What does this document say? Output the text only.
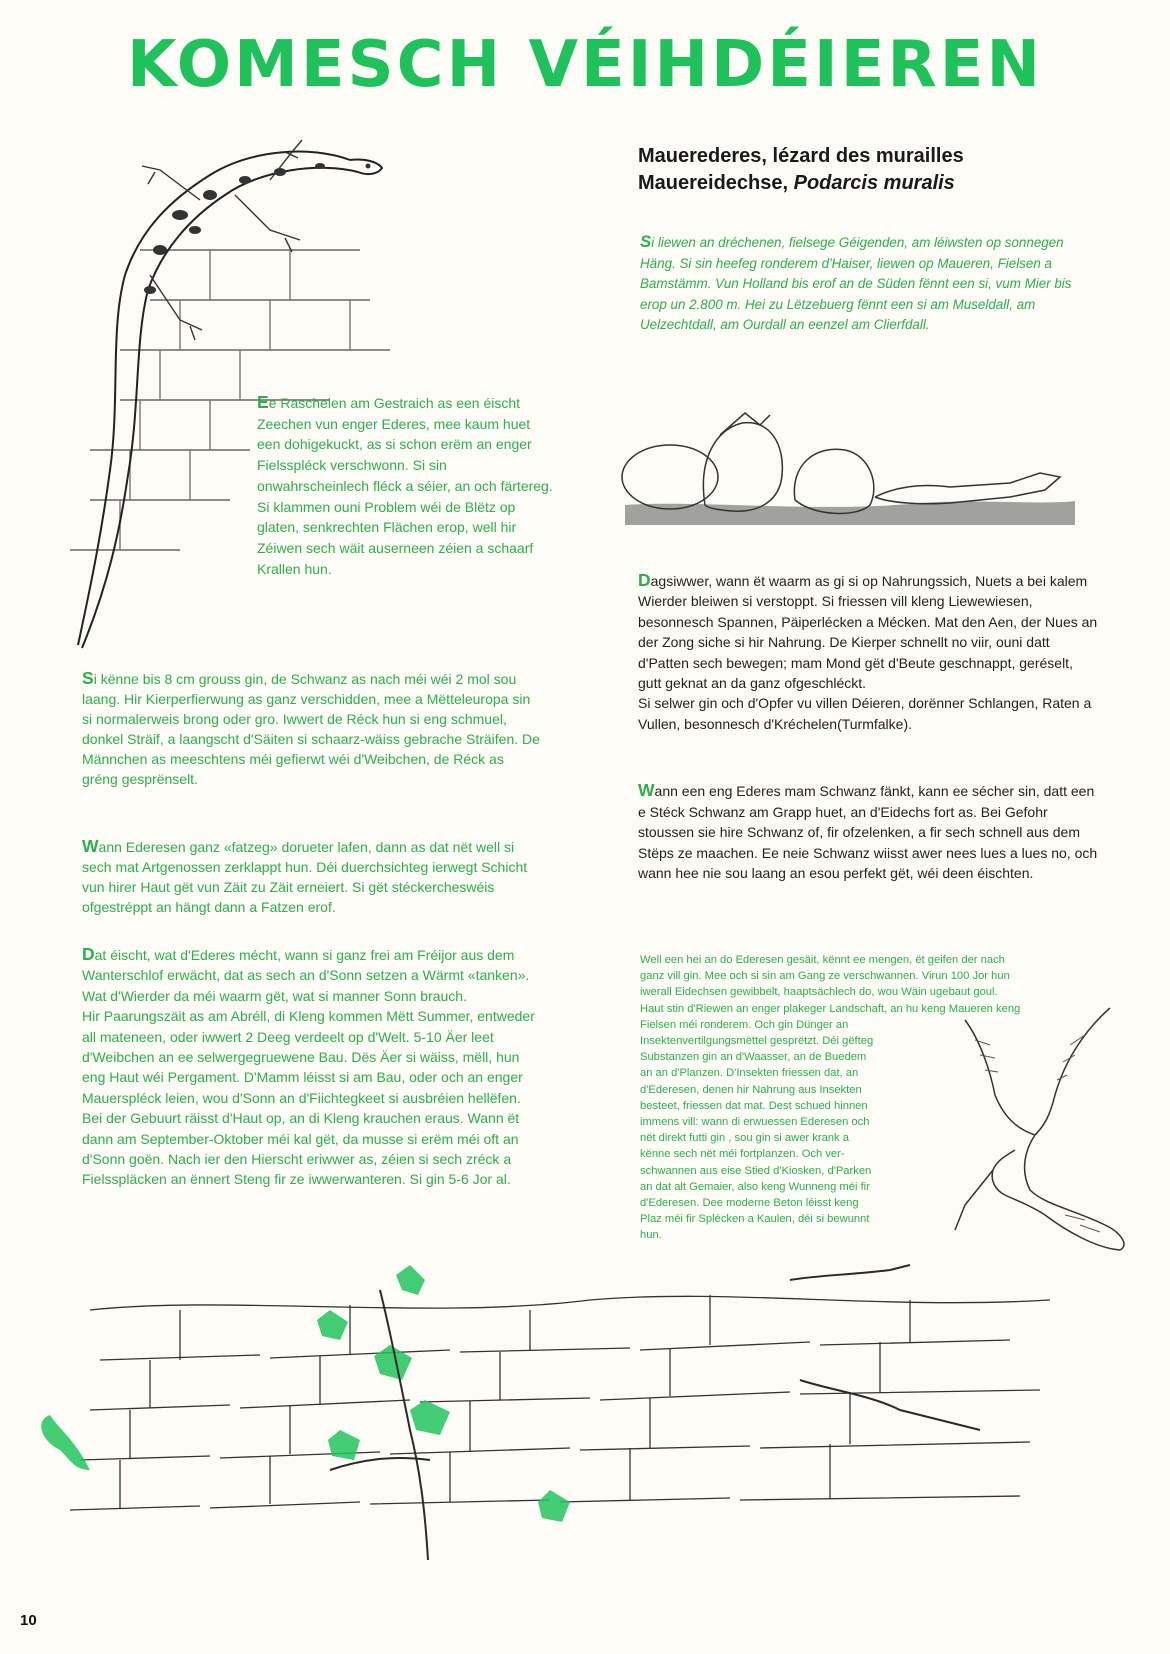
KOMESCH VÉIHDÉIEREN
Mauerederes, lézard des murailles
Mauereidechse, Podarcis muralis

Ee Raschelen am Gestraich as een éischt Zeechen vun enger Ederes, mee kaum huet een dohigekuckt, as si schon erëm an enger Fielsspléck verschwonn. Si sin onwahrscheinlech fléck a séier, an och färtereg. Si klammen ouni Problem wéi de Blëtz op glaten, senkrechten Flächen erop, well hir Zéiwen sech wäit auserneen zéien a schaarf Krallen hun.

Si liewen an dréchenen, fielsege Géigenden, am léiwsten op sonnegen Häng. Si sin heefeg ronderem d'Haiser, liewen op Maueren, Fielsen a Bamstämm. Vun Holland bis erof an de Süden fënnt een si, vum Mier bis erop un 2.800 m. Hei zu Lëtzebuerg fënnt een si am Museldall, am Uelzechtdall, am Ourdall an eenzel am Clierfdall.

Dagsiwwer, wann ët waarm as gi si op Nahrungssich, Nuets a bei kalem Wierder bleiwen si verstoppt. Si friessen vill kleng Liewewiesen, besonnesch Spannen, Päiperlécken a Mécken. Mat den Aen, der Nues an der Zong siche si hir Nahrung. De Kierper schnellt no viir, ouni datt d'Patten sech bewegen; mam Mond gët d'Beute geschnappt, geréselt, gutt geknat an da ganz ofgeschléckt.
Si selwer gin och d'Opfer vu villen Déieren, dorënner Schlangen, Raten a Vullen, besonnesch d'Kréchelen(Turmfalke).

Si kënne bis 8 cm grouss gin, de Schwanz as nach méi wéi 2 mol sou laang. Hir Kierperfierwung as ganz verschidden, mee a Mëtteleuropa sin si normalerweis brong oder gro. Iwwert de Réck hun si eng schmuel, donkel Sträif, a laangscht d'Säiten si schaarz-wäiss gebrache Sträifen. De Männchen as meeschtens méi gefierwt wéi d'Weibchen, de Réck as gréng gesprënselt.

Wann een eng Ederes mam Schwanz fänkt, kann ee sécher sin, datt een e Stéck Schwanz am Grapp huet, an d'Eidechs fort as. Bei Gefohr stoussen sie hire Schwanz of, fir ofzelenken, a fir sech schnell aus dem Stëps ze maachen. Ee neie Schwanz wiisst awer nees lues a lues no, och wann hee nie sou laang an esou perfekt gët, wéi deen éischten.

Wann Ederesen ganz «fatzeg» dorueter lafen, dann as dat nët well si sech mat Artgenossen zerklappt hun. Déi duerchsichteg ierwegt Schicht vun hirer Haut gët vun Zäit zu Zäit erneiert. Si gët stéckercheswéis ofgestréppt an hängt dann a Fatzen erof.

Dat éischt, wat d'Ederes mécht, wann si ganz frei am Fréijor aus dem Wanterschlof erwächt, dat as sech an d'Sonn setzen a Wärmt «tanken». Wat d'Wierder da méi waarm gët, wat si manner Sonn brauch.
Hir Paarungszäit as am Abréll, di Kleng kommen Mëtt Summer, entweder all mateneen, oder iwwert 2 Deeg verdeelt op d'Welt. 5-10 Äer leet d'Weibchen an ee selwergegruewene Bau. Dës Äer si wäiss, mëll, hun eng Haut wéi Pergament. D'Mamm léisst si am Bau, oder och an enger Mauerspléck leien, wou d'Sonn an d'Fiichtegkeet si ausbréien hellëfen. Bei der Gebuurt räisst d'Haut op, an di Kleng krauchen eraus. Wann ët dann am September-Oktober méi kal gët, da musse si erëm méi oft an d'Sonn goën. Nach ier den Hierscht eriwwer as, zéien si sech zréck a Fielsspläcken an ënnert Steng fir ze iwwerwanteren. Si gin 5-6 Jor al.

Well een hei an do Ederesen gesäit, kënnt ee mengen, ët geifen der nach
ganz vill gin. Mee och si sin am Gang ze verschwannen. Virun 100 Jor hun
iwerall Eidechsen gewibbelt, haaptsächlech do, wou Wäin ugebaut goul.
Haut stin d'Riewen an enger plakeger Landschaft, an hu keng Maueren keng
Fielsen méi ronderem. Och gin Dünger an
Insektenvertilgungsmëttel gesprëtzt. Déi gëfteg
Substanzen gin an d'Waasser, an de Buedem
an an d'Planzen. D'Insekten friessen dat, an
d'Ederesen, denen hir Nahrung aus Insekten
besteet, friessen dat mat. Dest schued hinnen
immens vill: wann di erwuessen Ederesen och
nët direkt futti gin , sou gin si awer krank a
kënne sech nët méi fortplanzen. Och ver-
schwannen aus eise Stied d'Kiosken, d'Parken
an dat alt Gemaier, also keng Wunneng méi fir
d'Ederesen. Dee moderne Beton léisst keng
Plaz méi fir Splécken a Kaulen, déi si bewunnt
hun.
10
